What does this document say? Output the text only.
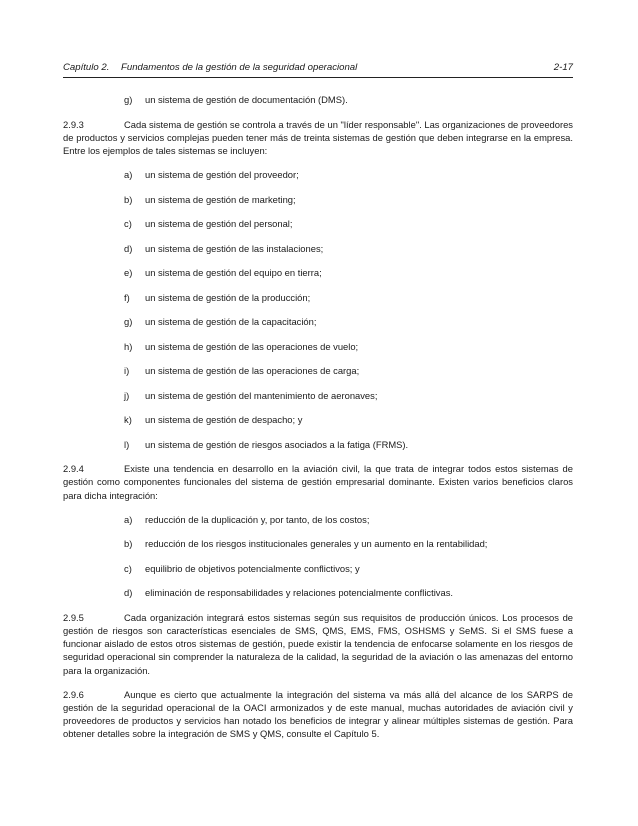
Capítulo 2. Fundamentos de la gestión de la seguridad operacional	2-17
g) un sistema de gestión de documentación (DMS).

2.9.3	Cada sistema de gestión se controla a través de un "líder responsable". Las organizaciones de proveedores de productos y servicios complejas pueden tener más de treinta sistemas de gestión que deben integrarse en la empresa. Entre los ejemplos de tales sistemas se incluyen:

a) un sistema de gestión del proveedor;
b) un sistema de gestión de marketing;
c) un sistema de gestión del personal;
d) un sistema de gestión de las instalaciones;
e) un sistema de gestión del equipo en tierra;
f) un sistema de gestión de la producción;
g) un sistema de gestión de la capacitación;
h) un sistema de gestión de las operaciones de vuelo;
i) un sistema de gestión de las operaciones de carga;
j) un sistema de gestión del mantenimiento de aeronaves;
k) un sistema de gestión de despacho; y
l) un sistema de gestión de riesgos asociados a la fatiga (FRMS).

2.9.4	Existe una tendencia en desarrollo en la aviación civil, la que trata de integrar todos estos sistemas de gestión como componentes funcionales del sistema de gestión empresarial dominante. Existen varios beneficios claros para dicha integración:

a) reducción de la duplicación y, por tanto, de los costos;
b) reducción de los riesgos institucionales generales y un aumento en la rentabilidad;
c) equilibrio de objetivos potencialmente conflictivos; y
d) eliminación de responsabilidades y relaciones potencialmente conflictivas.

2.9.5	Cada organización integrará estos sistemas según sus requisitos de producción únicos. Los procesos de gestión de riesgos son características esenciales de SMS, QMS, EMS, FMS, OSHSMS y SeMS. Si el SMS fuese a funcionar aislado de estos otros sistemas de gestión, puede existir la tendencia de enfocarse solamente en los riesgos de seguridad operacional sin comprender la naturaleza de la calidad, la seguridad de la aviación o las amenazas del entorno para la organización.

2.9.6	Aunque es cierto que actualmente la integración del sistema va más allá del alcance de los SARPS de gestión de la seguridad operacional de la OACI armonizados y de este manual, muchas autoridades de aviación civil y proveedores de productos y servicios han notado los beneficios de integrar y alinear múltiples sistemas de gestión. Para obtener detalles sobre la integración de SMS y QMS, consulte el Capítulo 5.
